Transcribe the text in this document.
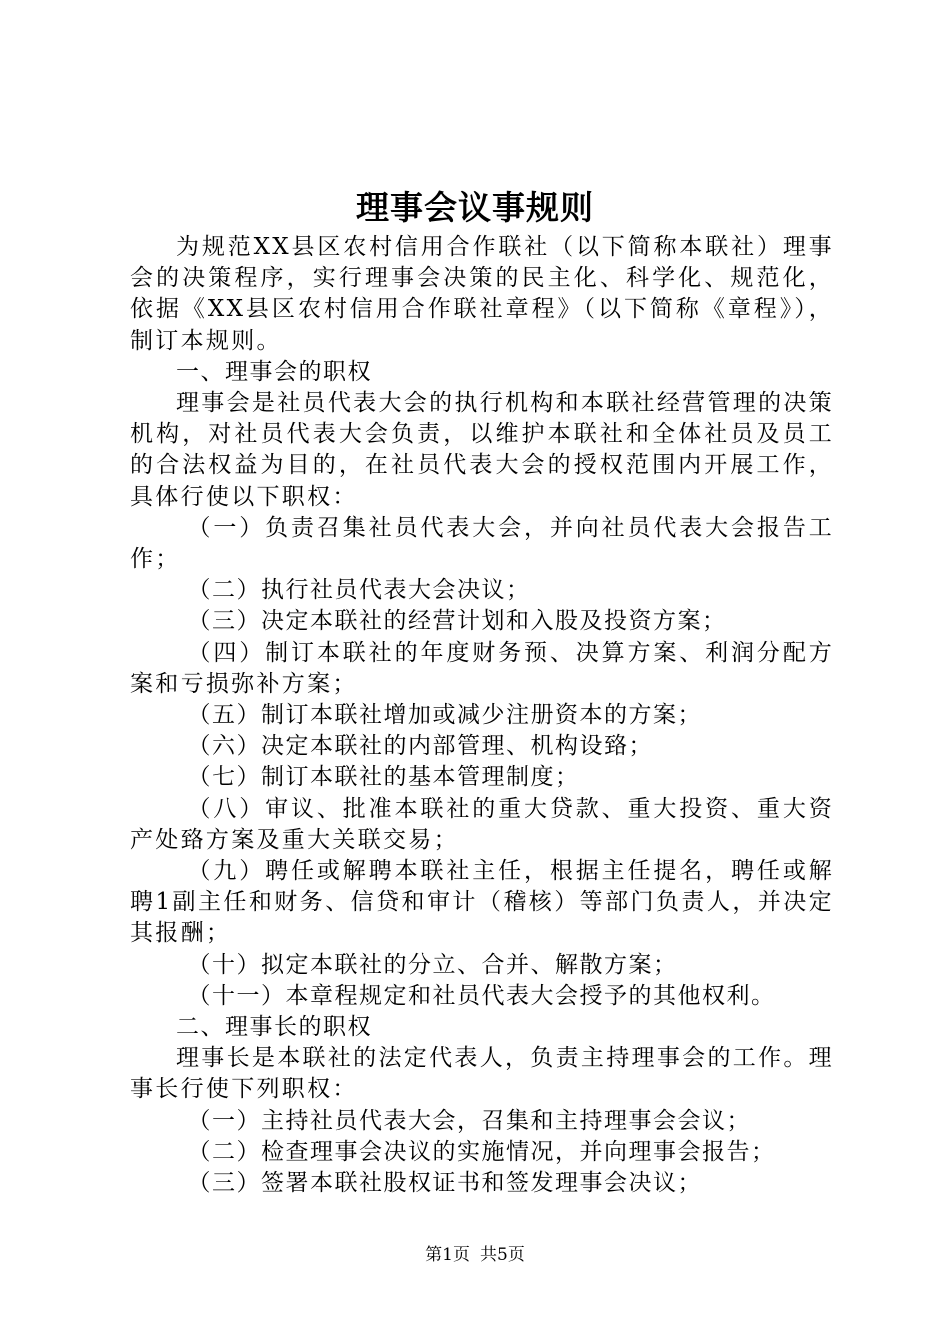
理事会议事规则

为规范XX县区农村信用合作联社（以下简称本联社）理事会的决策程序，实行理事会决策的民主化、科学化、规范化，依据《XX县区农村信用合作联社章程》（以下简称《章程》），制订本规则。

一、理事会的职权

理事会是社员代表大会的执行机构和本联社经营管理的决策机构，对社员代表大会负责，以维护本联社和全体社员及员工的合法权益为目的，在社员代表大会的授权范围内开展工作，具体行使以下职权：

（一）负责召集社员代表大会，并向社员代表大会报告工作；

（二）执行社员代表大会决议；

（三）决定本联社的经营计划和入股及投资方案；

（四）制订本联社的年度财务预、决算方案、利润分配方案和亏损弥补方案；

（五）制订本联社增加或减少注册资本的方案；

（六）决定本联社的内部管理、机构设臵；

（七）制订本联社的基本管理制度；

（八）审议、批准本联社的重大贷款、重大投资、重大资产处臵方案及重大关联交易；

（九）聘任或解聘本联社主任，根据主任提名，聘任或解聘1副主任和财务、信贷和审计（稽核）等部门负责人，并决定其报酬；

（十）拟定本联社的分立、合并、解散方案；

（十一）本章程规定和社员代表大会授予的其他权利。

二、理事长的职权

理事长是本联社的法定代表人，负责主持理事会的工作。理事长行使下列职权：

（一）主持社员代表大会，召集和主持理事会会议；

（二）检查理事会决议的实施情况，并向理事会报告；

（三）签署本联社股权证书和签发理事会决议；

第1页 共5页
